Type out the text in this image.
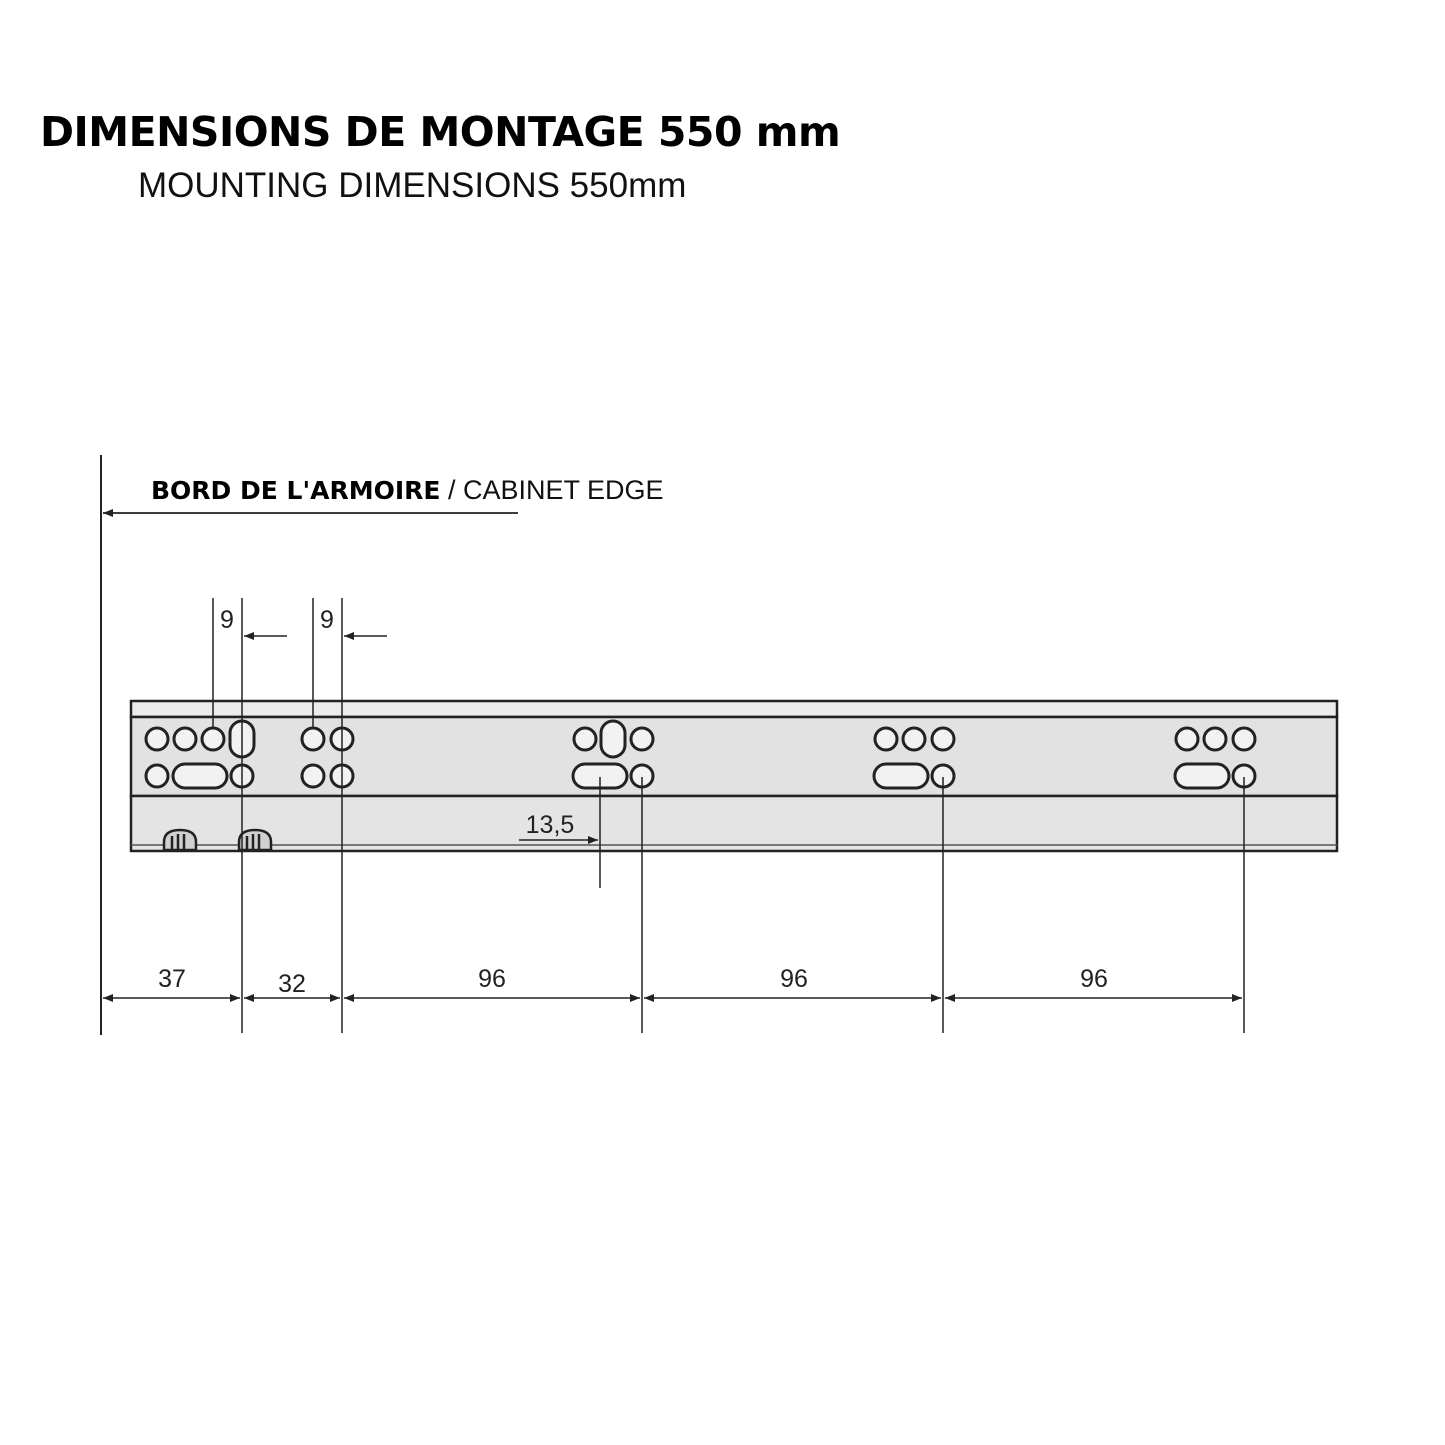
DIMENSIONS DE MONTAGE 550 mm
MOUNTING DIMENSIONS 550mm
BORD DE L'ARMOIRE / CABINET EDGE
9	9
13,5
37	32	96	96	96
